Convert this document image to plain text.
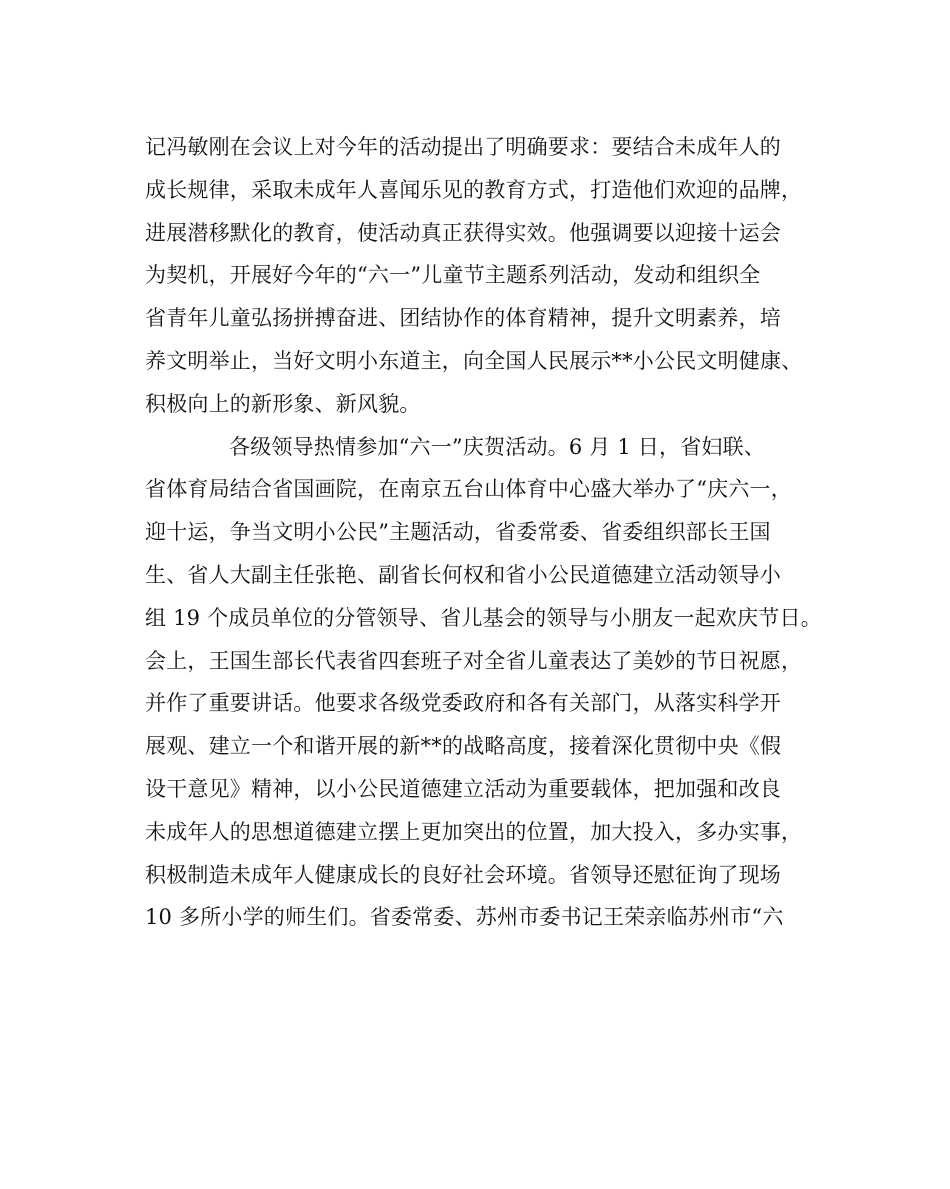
记冯敏刚在会议上对今年的活动提出了明确要求：要结合未成年人的
成长规律，采取未成年人喜闻乐见的教育方式，打造他们欢迎的品牌，
进展潜移默化的教育，使活动真正获得实效。他强调要以迎接十运会
为契机，开展好今年的“六一”儿童节主题系列活动，发动和组织全
省青年儿童弘扬拼搏奋进、团结协作的体育精神，提升文明素养，培
养文明举止，当好文明小东道主，向全国人民展示**小公民文明健康、
积极向上的新形象、新风貌。
各级领导热情参加“六一”庆贺活动。6 月 1 日，省妇联、
省体育局结合省国画院，在南京五台山体育中心盛大举办了“庆六一，
迎十运，争当文明小公民”主题活动，省委常委、省委组织部长王国
生、省人大副主任张艳、副省长何权和省小公民道德建立活动领导小
组 19 个成员单位的分管领导、省儿基会的领导与小朋友一起欢庆节日。
会上，王国生部长代表省四套班子对全省儿童表达了美妙的节日祝愿，
并作了重要讲话。他要求各级党委政府和各有关部门，从落实科学开
展观、建立一个和谐开展的新**的战略高度，接着深化贯彻中央《假
设干意见》精神，以小公民道德建立活动为重要载体，把加强和改良
未成年人的思想道德建立摆上更加突出的位置，加大投入，多办实事，
积极制造未成年人健康成长的良好社会环境。省领导还慰征询了现场
10 多所小学的师生们。省委常委、苏州市委书记王荣亲临苏州市“六
